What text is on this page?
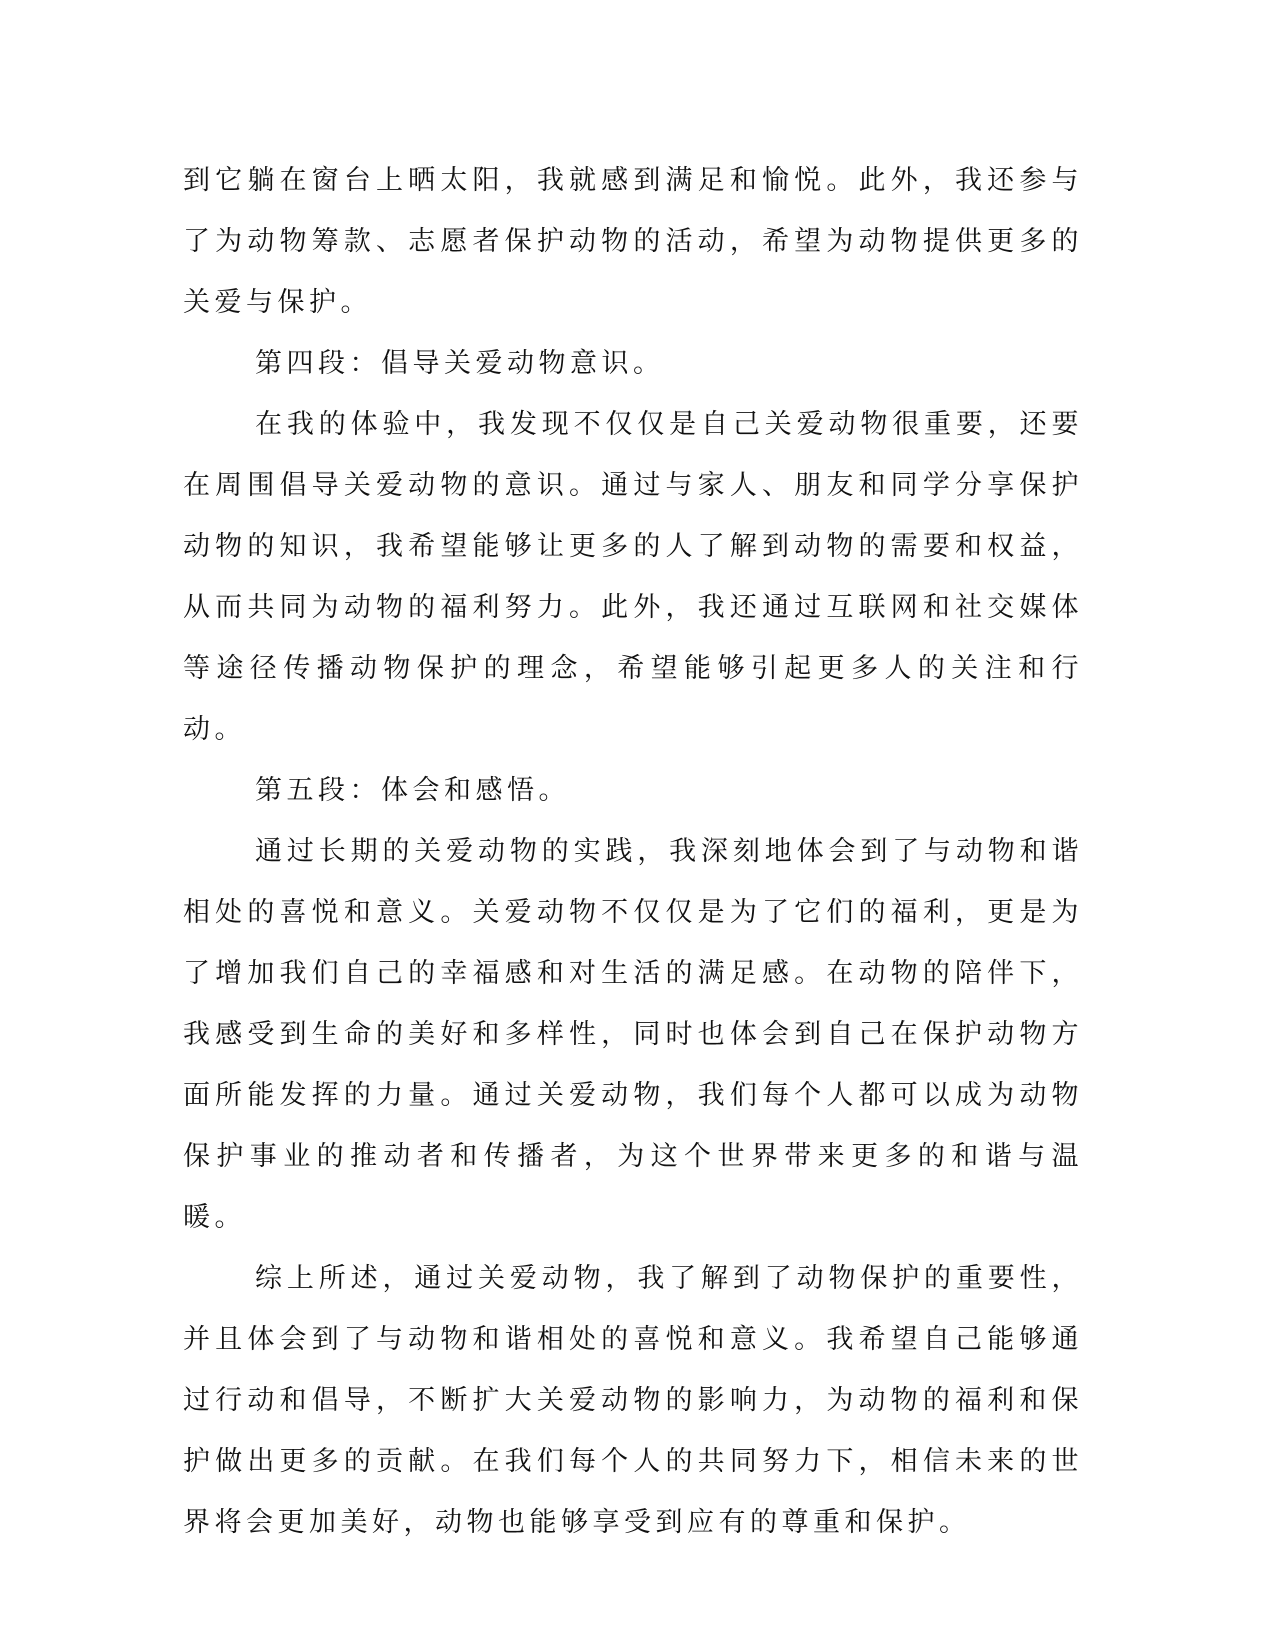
到它躺在窗台上晒太阳，我就感到满足和愉悦。此外，我还参与了为动物筹款、志愿者保护动物的活动，希望为动物提供更多的关爱与保护。

第四段：倡导关爱动物意识。

在我的体验中，我发现不仅仅是自己关爱动物很重要，还要在周围倡导关爱动物的意识。通过与家人、朋友和同学分享保护动物的知识，我希望能够让更多的人了解到动物的需要和权益，从而共同为动物的福利努力。此外，我还通过互联网和社交媒体等途径传播动物保护的理念，希望能够引起更多人的关注和行动。

第五段：体会和感悟。

通过长期的关爱动物的实践，我深刻地体会到了与动物和谐相处的喜悦和意义。关爱动物不仅仅是为了它们的福利，更是为了增加我们自己的幸福感和对生活的满足感。在动物的陪伴下，我感受到生命的美好和多样性，同时也体会到自己在保护动物方面所能发挥的力量。通过关爱动物，我们每个人都可以成为动物保护事业的推动者和传播者，为这个世界带来更多的和谐与温暖。

综上所述，通过关爱动物，我了解到了动物保护的重要性，并且体会到了与动物和谐相处的喜悦和意义。我希望自己能够通过行动和倡导，不断扩大关爱动物的影响力，为动物的福利和保护做出更多的贡献。在我们每个人的共同努力下，相信未来的世界将会更加美好，动物也能够享受到应有的尊重和保护。
